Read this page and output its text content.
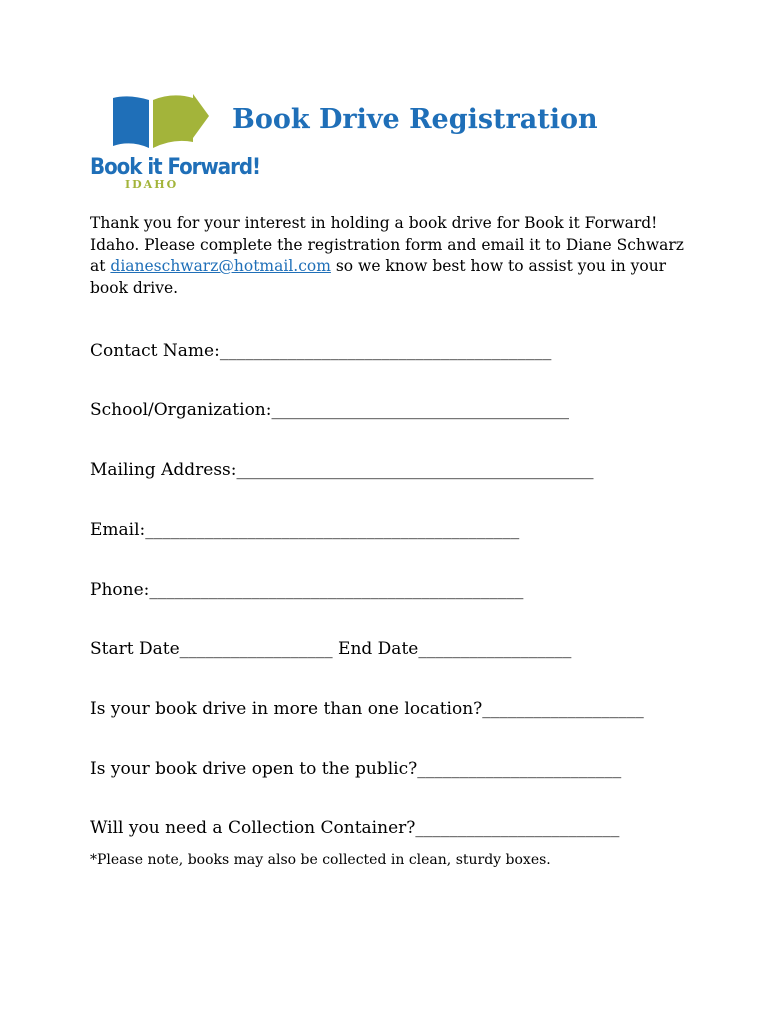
Book it Forward!
IDAHO
Book Drive Registration
Thank you for your interest in holding a book drive for Book it Forward! Idaho. Please complete the registration form and email it to Diane Schwarz at dianeschwarz@hotmail.com so we know best how to assist you in your book drive.
Contact Name:_______________________________________
School/Organization:___________________________________
Mailing Address:__________________________________________
Email:____________________________________________
Phone:____________________________________________
Start Date__________________ End Date__________________
Is your book drive in more than one location?___________________
Is your book drive open to the public?________________________
Will you need a Collection Container?________________________
*Please note, books may also be collected in clean, sturdy boxes.
